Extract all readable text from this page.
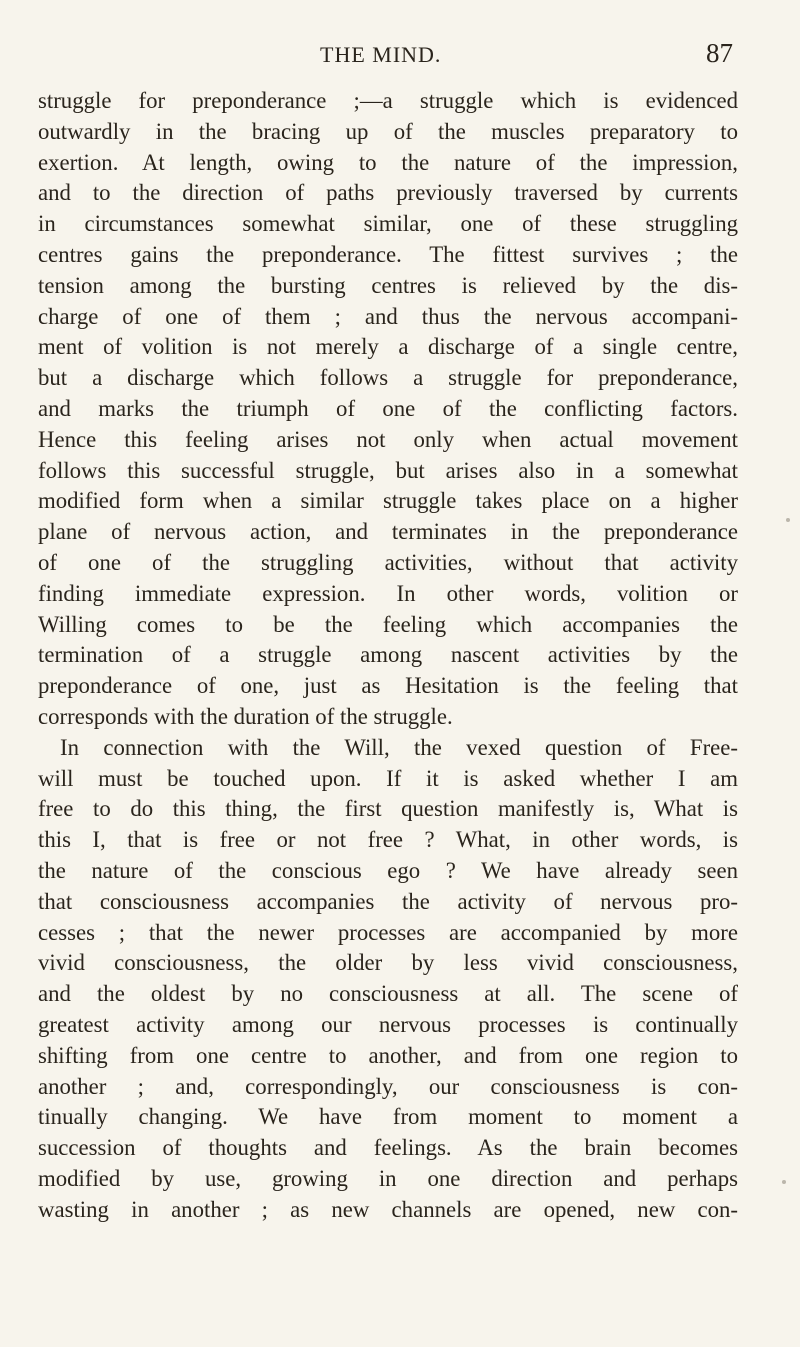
THE MIND.	87
struggle for preponderance ;—a struggle which is evidenced
outwardly in the bracing up of the muscles preparatory to
exertion. At length, owing to the nature of the impression,
and to the direction of paths previously traversed by currents
in circumstances somewhat similar, one of these struggling
centres gains the preponderance. The fittest survives ; the
tension among the bursting centres is relieved by the dis-
charge of one of them ; and thus the nervous accompani-
ment of volition is not merely a discharge of a single centre,
but a discharge which follows a struggle for preponderance,
and marks the triumph of one of the conflicting factors.
Hence this feeling arises not only when actual movement
follows this successful struggle, but arises also in a somewhat
modified form when a similar struggle takes place on a higher
plane of nervous action, and terminates in the preponderance
of one of the struggling activities, without that activity
finding immediate expression. In other words, volition or
Willing comes to be the feeling which accompanies the
termination of a struggle among nascent activities by the
preponderance of one, just as Hesitation is the feeling that
corresponds with the duration of the struggle.
In connection with the Will, the vexed question of Free-
will must be touched upon. If it is asked whether I am
free to do this thing, the first question manifestly is, What is
this I, that is free or not free ? What, in other words, is
the nature of the conscious ego ? We have already seen
that consciousness accompanies the activity of nervous pro-
cesses ; that the newer processes are accompanied by more
vivid consciousness, the older by less vivid consciousness,
and the oldest by no consciousness at all. The scene of
greatest activity among our nervous processes is continually
shifting from one centre to another, and from one region to
another ; and, correspondingly, our consciousness is con-
tinually changing. We have from moment to moment a
succession of thoughts and feelings. As the brain becomes
modified by use, growing in one direction and perhaps
wasting in another ; as new channels are opened, new con-
